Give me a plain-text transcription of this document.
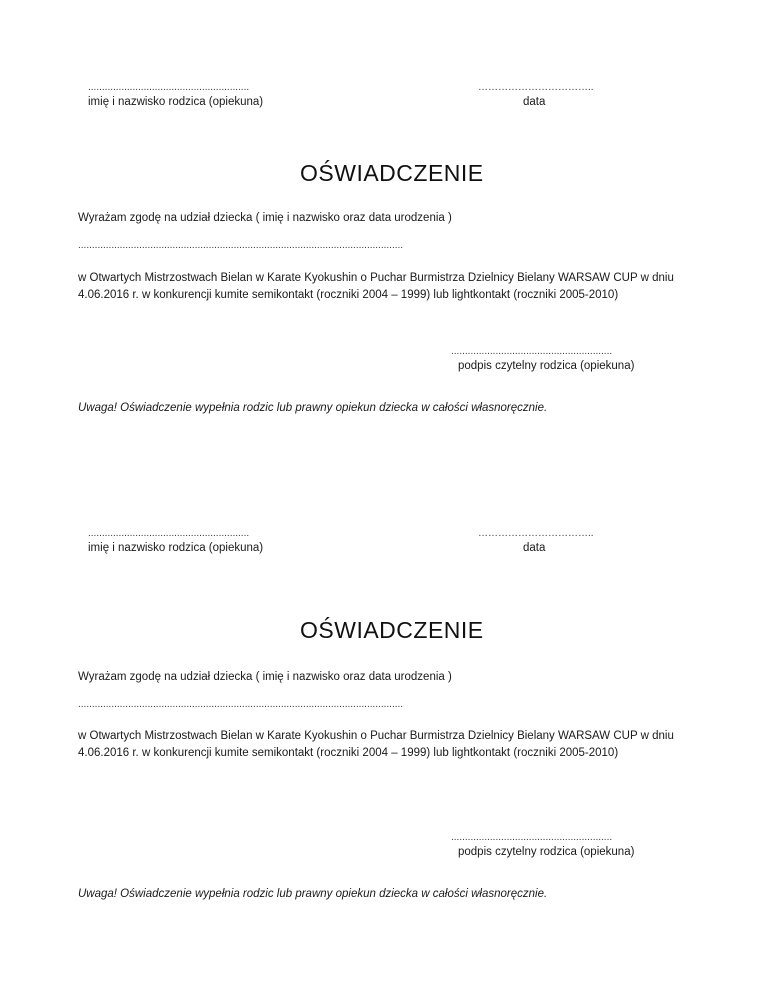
..........................................................
imię i nazwisko rodzica (opiekuna)
……………………………..
data
OŚWIADCZENIE
Wyrażam zgodę na udział dziecka ( imię i nazwisko oraz data urodzenia )
.....................................................................................................................
w Otwartych Mistrzostwach Bielan w Karate Kyokushin o Puchar Burmistrza Dzielnicy Bielany WARSAW CUP w dniu 4.06.2016 r. w konkurencji kumite semikontakt (roczniki 2004 – 1999) lub lightkontakt (roczniki 2005-2010)
..........................................................
podpis czytelny rodzica (opiekuna)
Uwaga! Oświadczenie wypełnia rodzic lub prawny opiekun dziecka w całości własnoręcznie.
..........................................................
imię i nazwisko rodzica (opiekuna)
……………………………..
data
OŚWIADCZENIE
Wyrażam zgodę na udział dziecka ( imię i nazwisko oraz data urodzenia )
.....................................................................................................................
w Otwartych Mistrzostwach Bielan w Karate Kyokushin o Puchar Burmistrza Dzielnicy Bielany WARSAW CUP w dniu 4.06.2016 r. w konkurencji kumite semikontakt (roczniki 2004 – 1999) lub lightkontakt (roczniki 2005-2010)
..........................................................
podpis czytelny rodzica (opiekuna)
Uwaga! Oświadczenie wypełnia rodzic lub prawny opiekun dziecka w całości własnoręcznie.
